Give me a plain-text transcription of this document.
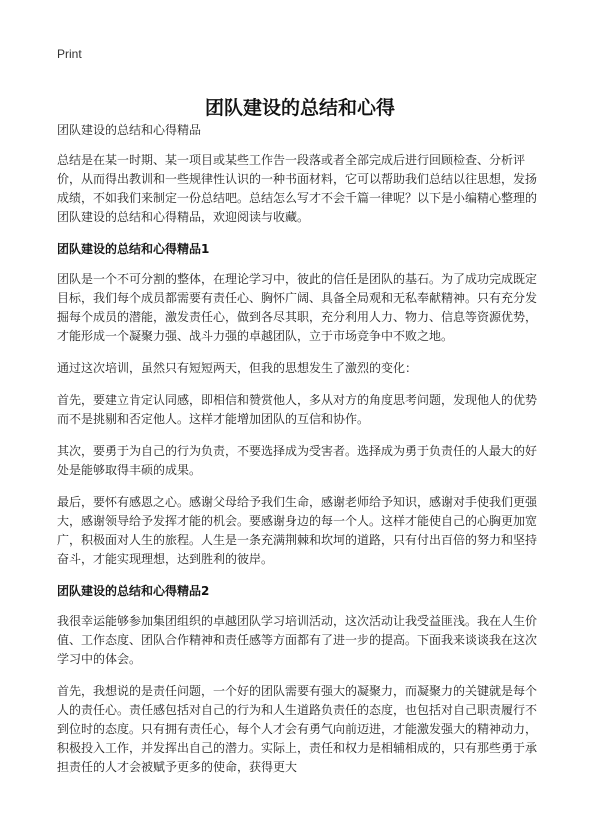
Print
团队建设的总结和心得

团队建设的总结和心得精品

总结是在某一时期、某一项目或某些工作告一段落或者全部完成后进行回顾检查、分析评价，从而得出教训和一些规律性认识的一种书面材料，它可以帮助我们总结以往思想，发扬成绩，不如我们来制定一份总结吧。总结怎么写才不会千篇一律呢？以下是小编精心整理的团队建设的总结和心得精品，欢迎阅读与收藏。

团队建设的总结和心得精品1

团队是一个不可分割的整体，在理论学习中，彼此的信任是团队的基石。为了成功完成既定目标，我们每个成员都需要有责任心、胸怀广阔、具备全局观和无私奉献精神。只有充分发掘每个成员的潜能，激发责任心，做到各尽其职，充分利用人力、物力、信息等资源优势，才能形成一个凝聚力强、战斗力强的卓越团队，立于市场竞争中不败之地。

通过这次培训，虽然只有短短两天，但我的思想发生了激烈的变化：

首先，要建立肯定认同感，即相信和赞赏他人，多从对方的角度思考问题，发现他人的优势而不是挑剔和否定他人。这样才能增加团队的互信和协作。

其次，要勇于为自己的行为负责，不要选择成为受害者。选择成为勇于负责任的人最大的好处是能够取得丰硕的成果。

最后，要怀有感恩之心。感谢父母给予我们生命，感谢老师给予知识，感谢对手使我们更强大，感谢领导给予发挥才能的机会。要感谢身边的每一个人。这样才能使自己的心胸更加宽广，积极面对人生的旅程。人生是一条充满荆棘和坎坷的道路，只有付出百倍的努力和坚持奋斗，才能实现理想，达到胜利的彼岸。

团队建设的总结和心得精品2

我很幸运能够参加集团组织的卓越团队学习培训活动，这次活动让我受益匪浅。我在人生价值、工作态度、团队合作精神和责任感等方面都有了进一步的提高。下面我来谈谈我在这次学习中的体会。

首先，我想说的是责任问题，一个好的团队需要有强大的凝聚力，而凝聚力的关键就是每个人的责任心。责任感包括对自己的行为和人生道路负责任的态度，也包括对自己职责履行不到位时的态度。只有拥有责任心，每个人才会有勇气向前迈进，才能激发强大的精神动力，积极投入工作，并发挥出自己的潜力。实际上，责任和权力是相辅相成的，只有那些勇于承担责任的人才会被赋予更多的使命，获得更大
